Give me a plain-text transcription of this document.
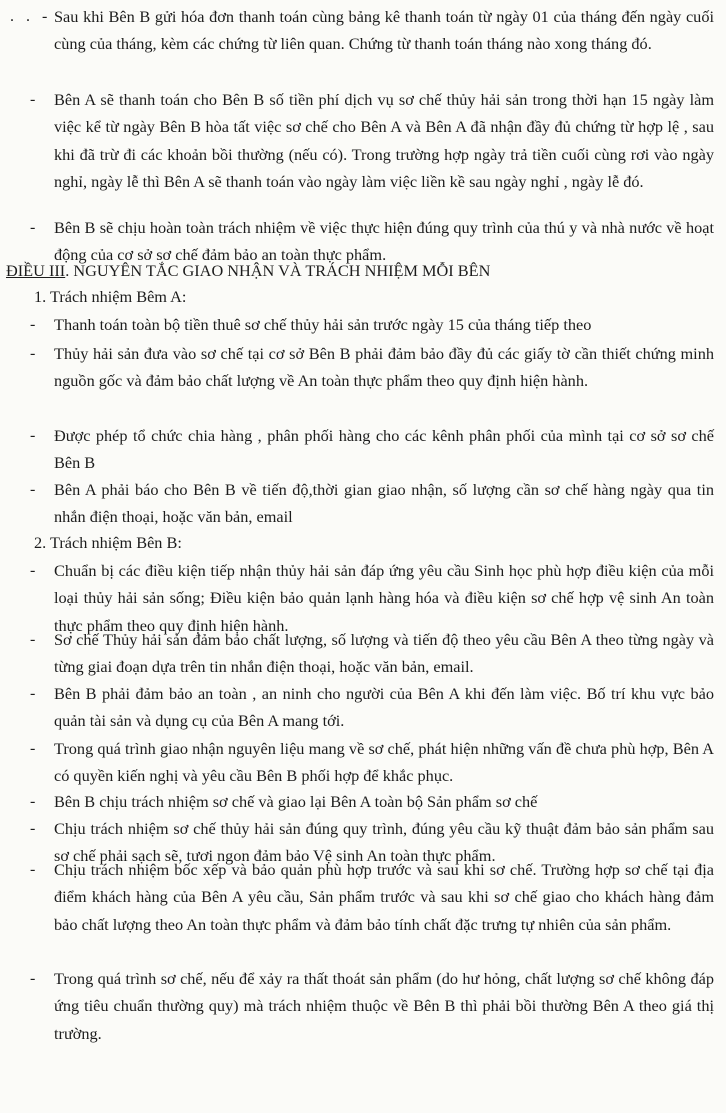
. . - Sau khi Bên B gửi hóa đơn thanh toán cùng bảng kê thanh toán từ ngày 01 của tháng đến ngày cuối cùng của tháng, kèm các chứng từ liên quan. Chứng từ thanh toán tháng nào xong tháng đó.
- Bên A sẽ thanh toán cho Bên B số tiền phí dịch vụ sơ chế thủy hải sản trong thời hạn 15 ngày làm việc kể từ ngày Bên B hòa tất việc sơ chế cho Bên A và Bên A đã nhận đầy đủ chứng từ hợp lệ , sau khi đã trừ đi các khoản bồi thường (nếu có). Trong trường hợp ngày trả tiền cuối cùng rơi vào ngày nghỉ, ngày lễ thì Bên A sẽ thanh toán vào ngày làm việc liền kề sau ngày nghỉ , ngày lễ đó.
- Bên B sẽ chịu hoàn toàn trách nhiệm về việc thực hiện đúng quy trình của thú y và nhà nước về hoạt động của cơ sở sơ chế đảm bảo an toàn thực phẩm.
ĐIỀU III. NGUYÊN TẮC GIAO NHẬN VÀ TRÁCH NHIỆM MỖI BÊN
1. Trách nhiệm Bêm A:
- Thanh toán toàn bộ tiền thuê sơ chế thủy hải sản trước ngày 15 của tháng tiếp theo
- Thủy hải sản đưa vào sơ chế tại cơ sở Bên B phải đảm bảo đầy đủ các giấy tờ cần thiết chứng minh nguồn gốc và đảm bảo chất lượng về An toàn thực phẩm theo quy định hiện hành.
- Được phép tổ chức chia hàng , phân phối hàng cho các kênh phân phối của mình tại cơ sở sơ chế Bên B
- Bên A phải báo cho Bên B về tiến độ,thời gian giao nhận, số lượng cần sơ chế hàng ngày qua tin nhắn điện thoại, hoặc văn bản, email
2. Trách nhiệm Bên B:
- Chuẩn bị các điều kiện tiếp nhận thủy hải sản đáp ứng yêu cầu Sinh học phù hợp điều kiện của mỗi loại thủy hải sản sống; Điều kiện bảo quản lạnh hàng hóa và điều kiện sơ chế hợp vệ sinh An toàn thực phẩm theo quy định hiện hành.
- Sơ chế Thủy hải sản đảm bảo chất lượng, số lượng và tiến độ theo yêu cầu Bên A theo từng ngày và từng giai đoạn dựa trên tin nhắn điện thoại, hoặc văn bản, email.
- Bên B phải đảm bảo an toàn , an ninh cho người của Bên A khi đến làm việc. Bố trí khu vực bảo quản tài sản và dụng cụ của Bên A mang tới.
- Trong quá trình giao nhận nguyên liệu mang về sơ chế, phát hiện những vấn đề chưa phù hợp, Bên A có quyền kiến nghị và yêu cầu Bên B phối hợp để khắc phục.
- Bên B chịu trách nhiệm sơ chế và giao lại Bên A toàn bộ Sản phẩm sơ chế
- Chịu trách nhiệm sơ chế thủy hải sản đúng quy trình, đúng yêu cầu kỹ thuật đảm bảo sản phẩm sau sơ chế phải sạch sẽ, tươi ngon đảm bảo Vệ sinh An toàn thực phẩm.
- Chịu trách nhiệm bốc xếp và bảo quản phù hợp trước và sau khi sơ chế. Trường hợp sơ chế tại địa điểm khách hàng của Bên A yêu cầu, Sản phẩm trước và sau khi sơ chế giao cho khách hàng đảm bảo chất lượng theo An toàn thực phẩm và đảm bảo tính chất đặc trưng tự nhiên của sản phẩm.
- Trong quá trình sơ chế, nếu để xảy ra thất thoát sản phẩm (do hư hỏng, chất lượng sơ chế không đáp ứng tiêu chuẩn thường quy) mà trách nhiệm thuộc về Bên B thì phải bồi thường Bên A theo giá thị trường.
